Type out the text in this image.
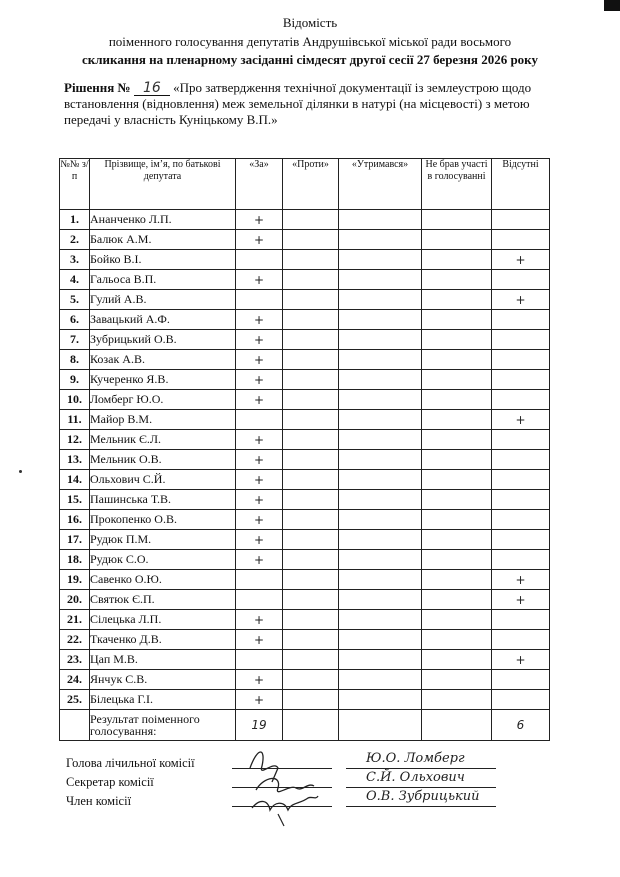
Відомість
поіменного голосування депутатів Андрушівської міської ради восьмого
скликання на пленарному засіданні сімдесят другої сесії 27 березня 2026 року
Рішення № 16 «Про затвердження технічної документації із землеустрою щодо встановлення (відновлення) меж земельної ділянки в натурі (на місцевості) з метою передачі у власність Куніцькому В.П.»
№№ з/п	Прізвище, ім’я, по батькові депутата	«За»	«Проти»	«Утримався»	Не брав участі в голосуванні	Відсутні
1.	Ананченко Л.П.	+				
2.	Балюк А.М.	+				
3.	Бойко В.І.					+
4.	Гальоса В.П.	+				
5.	Гулий А.В.					+
6.	Завацький А.Ф.	+				
7.	Зубрицький О.В.	+				
8.	Козак А.В.	+				
9.	Кучеренко Я.В.	+				
10.	Ломберг Ю.О.	+				
11.	Майор В.М.					+
12.	Мельник Є.Л.	+				
13.	Мельник О.В.	+				
14.	Ольхович С.Й.	+				
15.	Пашинська Т.В.	+				
16.	Прокопенко О.В.	+				
17.	Рудюк П.М.	+				
18.	Рудюк С.О.	+				
19.	Савенко О.Ю.					+
20.	Святюк Є.П.					+
21.	Сілецька Л.П.	+				
22.	Ткаченко Д.В.	+				
23.	Цап М.В.					+
24.	Янчук С.В.	+				
25.	Білецька Г.І.	+				
	Результат поіменного голосування:	19				6
Голова лічильної комісії
Секретар комісії
Член комісії
Ю.О. Ломберг
С.Й. Ольхович
О.В. Зубрицький
